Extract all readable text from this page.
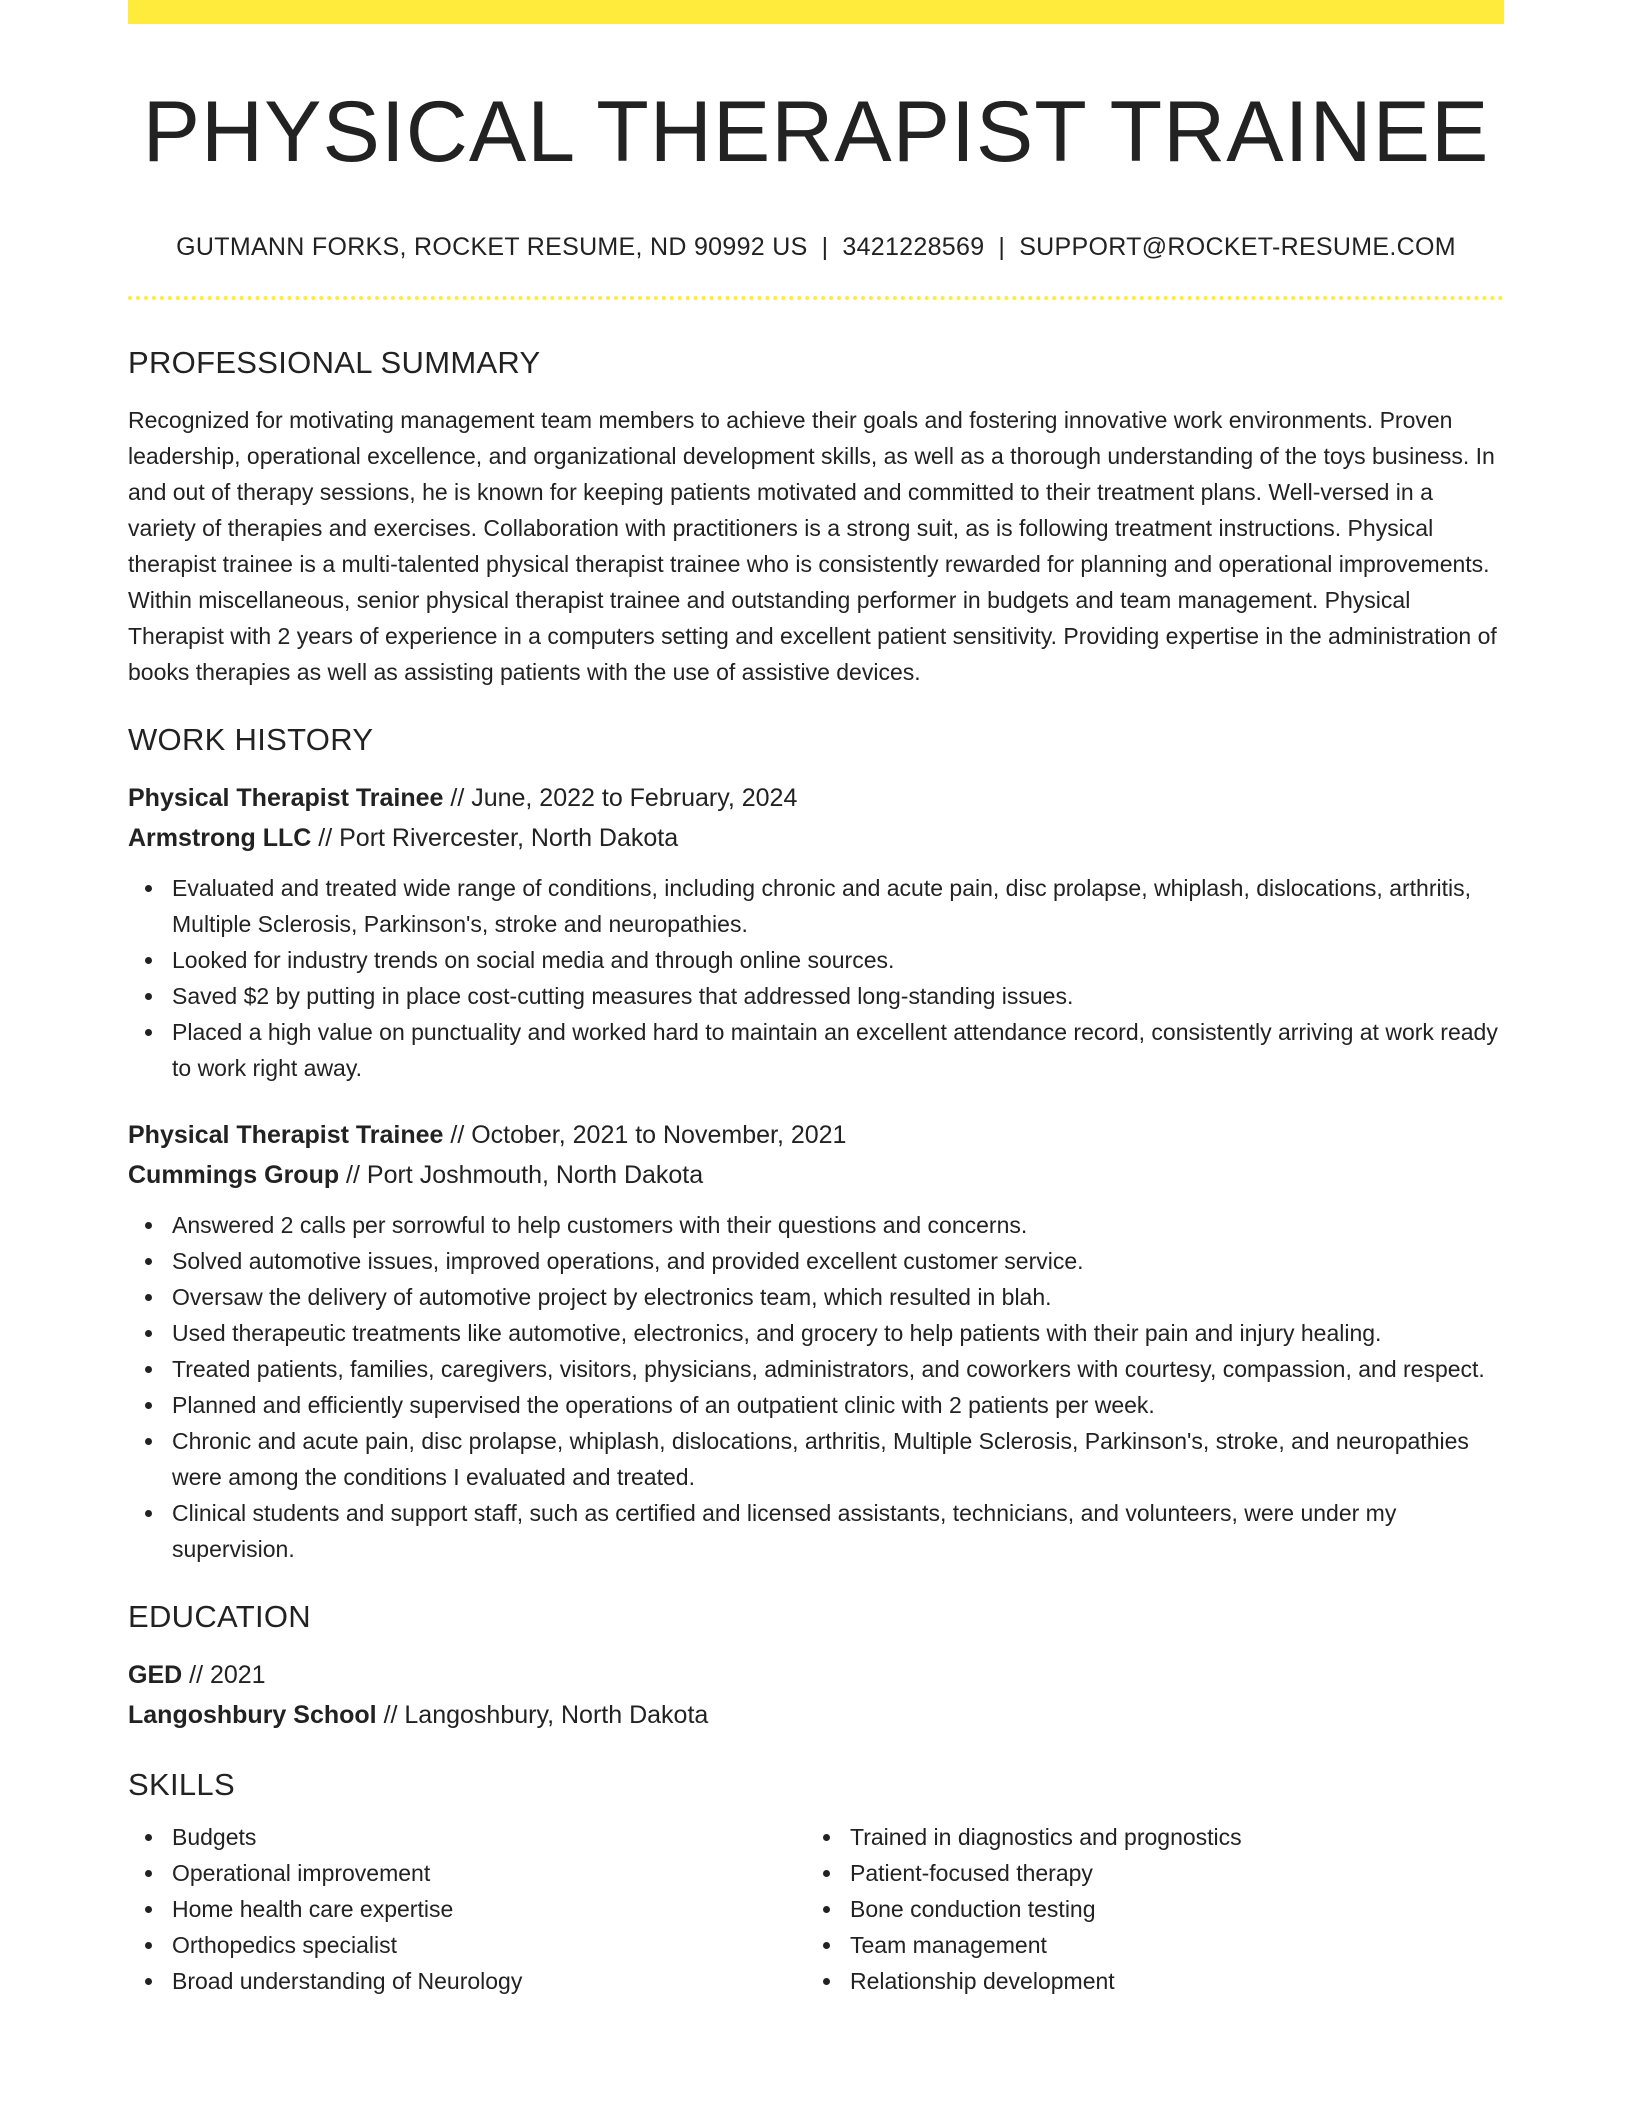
PHYSICAL THERAPIST TRAINEE
GUTMANN FORKS, ROCKET RESUME, ND 90992 US | 3421228569 | SUPPORT@ROCKET-RESUME.COM
PROFESSIONAL SUMMARY

Recognized for motivating management team members to achieve their goals and fostering innovative work environments. Proven leadership, operational excellence, and organizational development skills, as well as a thorough understanding of the toys business. In and out of therapy sessions, he is known for keeping patients motivated and committed to their treatment plans. Well-versed in a variety of therapies and exercises. Collaboration with practitioners is a strong suit, as is following treatment instructions. Physical therapist trainee is a multi-talented physical therapist trainee who is consistently rewarded for planning and operational improvements. Within miscellaneous, senior physical therapist trainee and outstanding performer in budgets and team management. Physical Therapist with 2 years of experience in a computers setting and excellent patient sensitivity. Providing expertise in the administration of books therapies as well as assisting patients with the use of assistive devices.

WORK HISTORY
Physical Therapist Trainee // June, 2022 to February, 2024
Armstrong LLC // Port Rivercester, North Dakota
Evaluated and treated wide range of conditions, including chronic and acute pain, disc prolapse, whiplash, dislocations, arthritis, Multiple Sclerosis, Parkinson's, stroke and neuropathies.
Looked for industry trends on social media and through online sources.
Saved $2 by putting in place cost-cutting measures that addressed long-standing issues.
Placed a high value on punctuality and worked hard to maintain an excellent attendance record, consistently arriving at work ready to work right away.
Physical Therapist Trainee // October, 2021 to November, 2021
Cummings Group // Port Joshmouth, North Dakota
Answered 2 calls per sorrowful to help customers with their questions and concerns.
Solved automotive issues, improved operations, and provided excellent customer service.
Oversaw the delivery of automotive project by electronics team, which resulted in blah.
Used therapeutic treatments like automotive, electronics, and grocery to help patients with their pain and injury healing.
Treated patients, families, caregivers, visitors, physicians, administrators, and coworkers with courtesy, compassion, and respect.
Planned and efficiently supervised the operations of an outpatient clinic with 2 patients per week.
Chronic and acute pain, disc prolapse, whiplash, dislocations, arthritis, Multiple Sclerosis, Parkinson's, stroke, and neuropathies were among the conditions I evaluated and treated.
Clinical students and support staff, such as certified and licensed assistants, technicians, and volunteers, were under my supervision.
EDUCATION
GED // 2021
Langoshbury School // Langoshbury, North Dakota
SKILLS
Budgets
Operational improvement
Home health care expertise
Orthopedics specialist
Broad understanding of Neurology
Trained in diagnostics and prognostics
Patient-focused therapy
Bone conduction testing
Team management
Relationship development
